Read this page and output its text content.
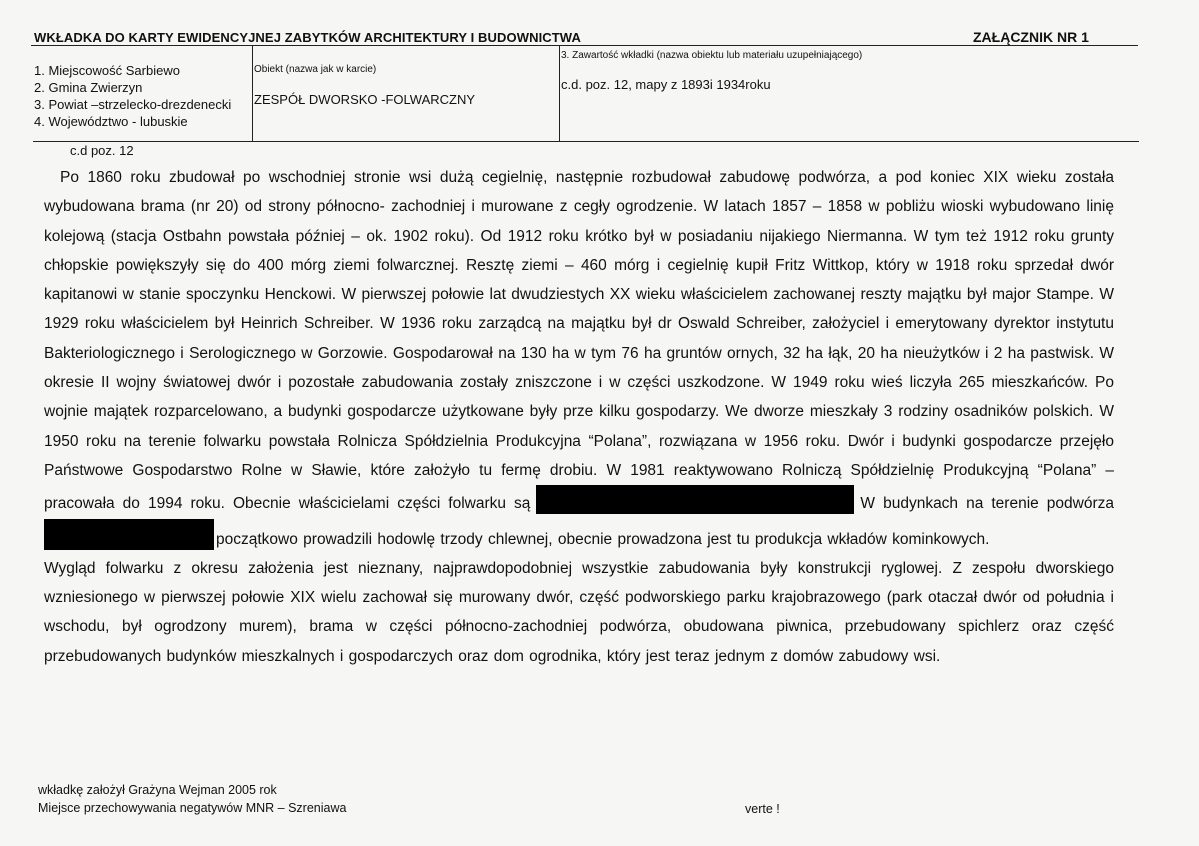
WKŁADKA DO KARTY EWIDENCYJNEJ ZABYTKÓW ARCHITEKTURY I BUDOWNICTWA	ZAŁĄCZNIK NR 1
1. Miejscowość Sarbiewo
2. Gmina Zwierzyn
3. Powiat –strzelecko-drezdenecki
4. Województwo - lubuskie
Obiekt (nazwa jak w karcie)
ZESPÓŁ DWORSKO -FOLWARCZNY
3. Zawartość wkładki (nazwa obiektu lub materiału uzupełniającego)
c.d. poz. 12, mapy z 1893i 1934roku
c.d poz. 12

Po 1860 roku zbudował po wschodniej stronie wsi dużą cegielnię, następnie rozbudował zabudowę podwórza, a pod koniec XIX wieku została wybudowana brama (nr 20) od strony północno- zachodniej i murowane z cegły ogrodzenie. W latach 1857 – 1858 w pobliżu wioski wybudowano linię kolejową (stacja Ostbahn powstała później – ok. 1902 roku). Od 1912 roku krótko był w posiadaniu nijakiego Niermanna. W tym też 1912 roku grunty chłopskie powiększyły się do 400 mórg ziemi folwarcznej. Resztę ziemi – 460 mórg i cegielnię kupił Fritz Wittkop, który w 1918 roku sprzedał dwór kapitanowi w stanie spoczynku Henckowi. W pierwszej połowie lat dwudziestych XX wieku właścicielem zachowanej reszty majątku był major Stampe. W 1929 roku właścicielem był Heinrich Schreiber. W 1936 roku zarządcą na majątku był dr Oswald Schreiber, założyciel i emerytowany dyrektor instytutu Bakteriologicznego i Serologicznego w Gorzowie. Gospodarował na 130 ha w tym 76 ha gruntów ornych, 32 ha łąk, 20 ha nieużytków i 2 ha pastwisk. W okresie II wojny światowej dwór i pozostałe zabudowania zostały zniszczone i w części uszkodzone. W 1949 roku wieś liczyła 265 mieszkańców. Po wojnie majątek rozparcelowano, a budynki gospodarcze użytkowane były prze kilku gospodarzy. We dworze mieszkały 3 rodziny osadników polskich. W 1950 roku na terenie folwarku powstała Rolnicza Spółdzielnia Produkcyjna “Polana”, rozwiązana w 1956 roku. Dwór i budynki gospodarcze przejęło Państwowe Gospodarstwo Rolne w Sławie, które założyło tu fermę drobiu. W 1981 reaktywowano Rolniczą Spółdzielnię Produkcyjną “Polana” – pracowała do 1994 roku. Obecnie właścicielami części folwarku są	W budynkach na terenie podwórzapoczątkowo prowadzili hodowlę trzody chlewnej, obecnie prowadzona jest tu produkcja wkładów kominkowych.

Wygląd folwarku z okresu założenia jest nieznany, najprawdopodobniej wszystkie zabudowania były konstrukcji ryglowej. Z zespołu dworskiego wzniesionego w pierwszej połowie XIX wielu zachował się murowany dwór, część podworskiego parku krajobrazowego (park otaczał dwór od południa i wschodu, był ogrodzony murem), brama w części północno-zachodniej podwórza, obudowana piwnica, przebudowany spichlerz oraz część przebudowanych budynków mieszkalnych i gospodarczych oraz dom ogrodnika, który jest teraz jednym z domów zabudowy wsi.

wkładkę założył Grażyna Wejman 2005 rok
Miejsce przechowywania negatywów MNR – Szreniawa	verte !
